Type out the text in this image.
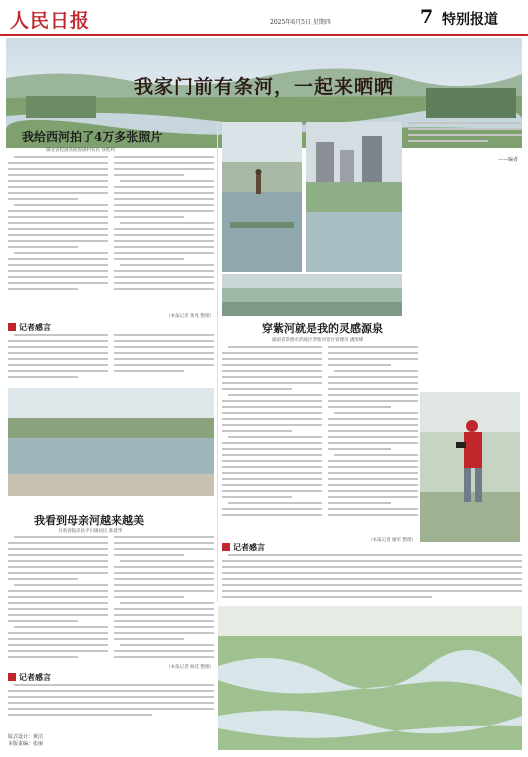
人民日报	2025年6月5日 星期四	7 特别报道
我家门前有条河，一起来晒晒
我给西河拍了4万多张照片
湖北省松滋县揽悦镇村农民 徐胜利
（本报记者 黄兆 整理）
记者感言
——编者
穿紫河就是我的灵感源泉
湖南省常德市武陵区穿紫河景区管理员 潘凯峰
（本报记者 谢军 整理）
记者感言
我看到母亲河越来越美
甘肃省临泽县平川镇居民 陈建华
（本报记者 杨佳 整理）
记者感言
版式设计：黄洁
本版责编：张丽
